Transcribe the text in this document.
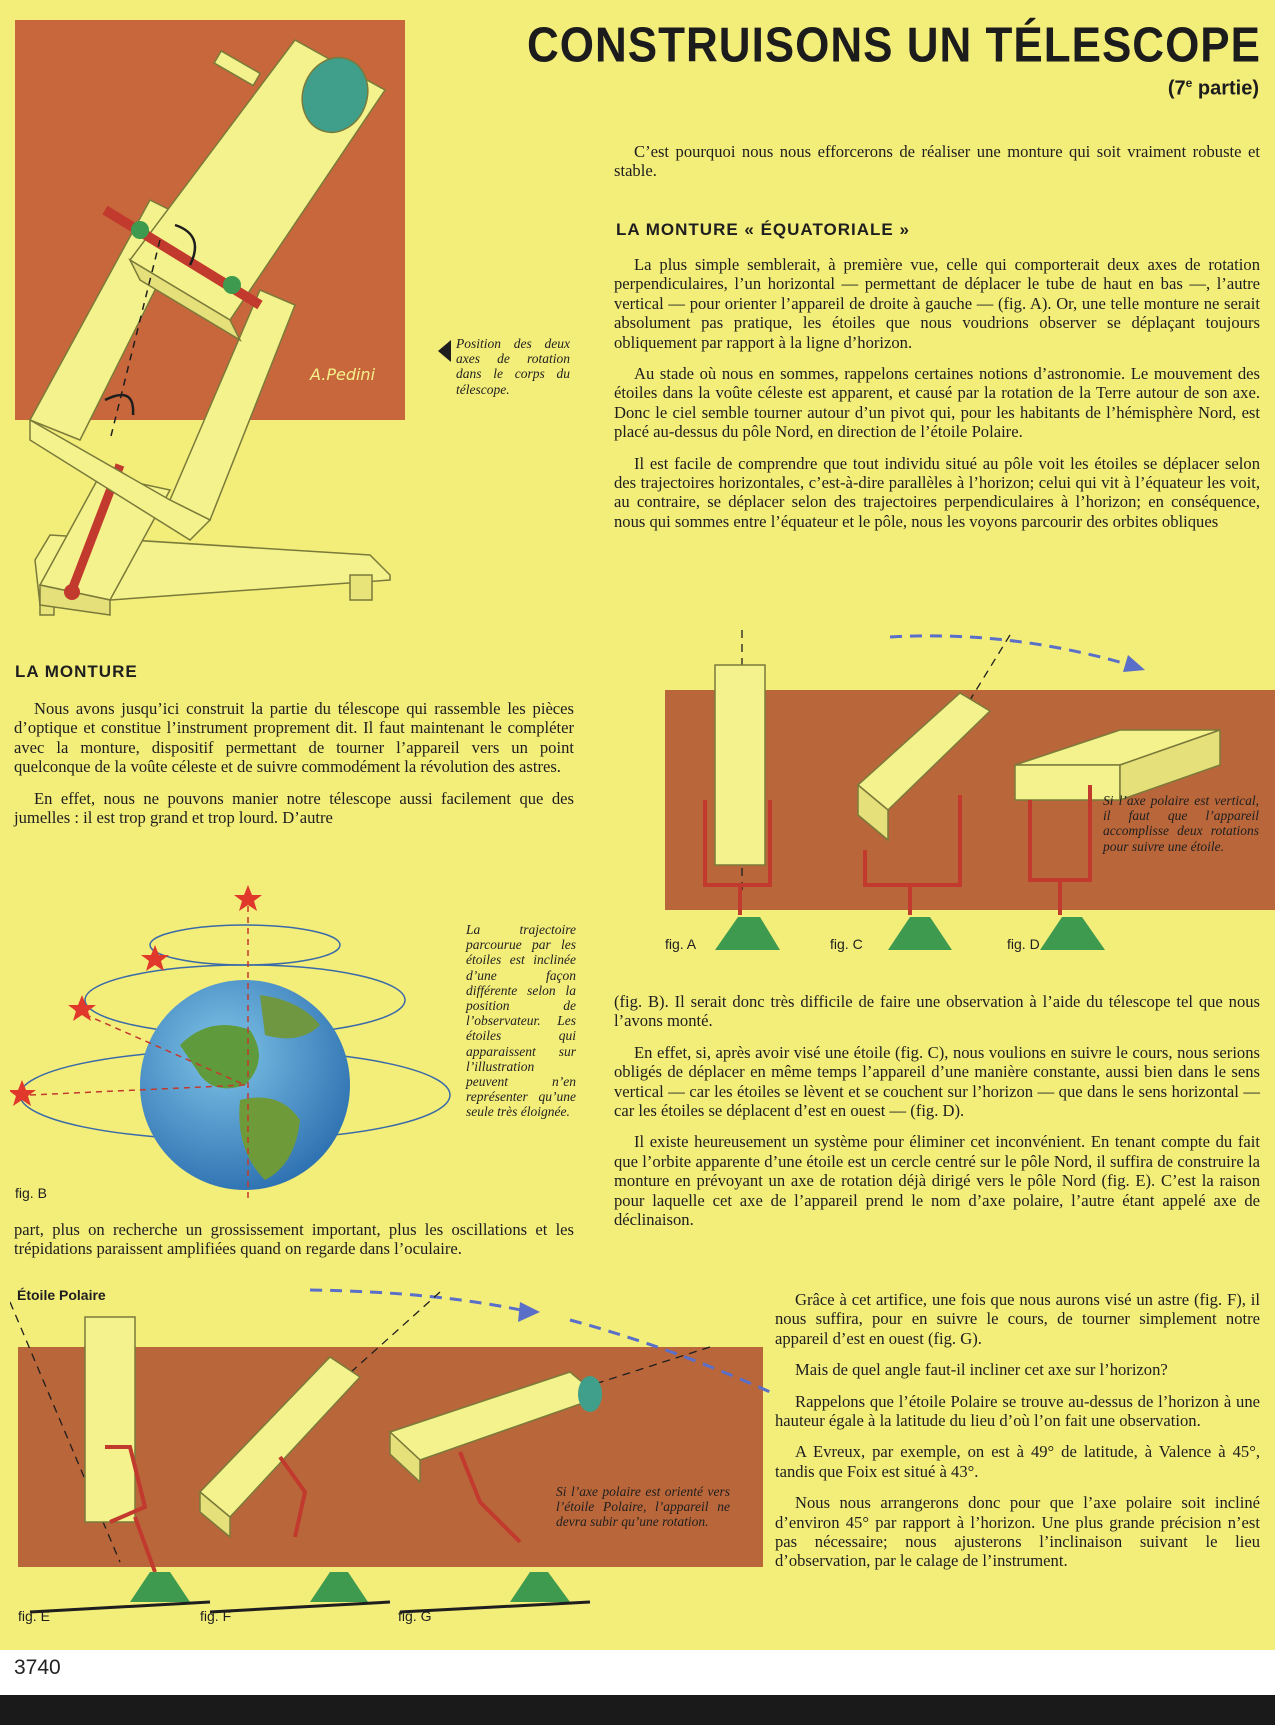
CONSTRUISONS UN TÉLESCOPE
(7e partie)
A.Pedini
Position des deux axes de rotation dans le corps du télescope.

C’est pourquoi nous nous efforcerons de réaliser une monture qui soit vraiment robuste et stable.

LA MONTURE « ÉQUATORIALE »

La plus simple semblerait, à première vue, celle qui comporterait deux axes de rotation perpendiculaires, l’un horizontal — permettant de déplacer le tube de haut en bas —, l’autre vertical — pour orienter l’appareil de droite à gauche — (fig. A). Or, une telle monture ne serait absolument pas pratique, les étoiles que nous voudrions observer se déplaçant toujours obliquement par rapport à la ligne d’horizon.

Au stade où nous en sommes, rappelons certaines notions d’astronomie. Le mouvement des étoiles dans la voûte céleste est apparent, et causé par la rotation de la Terre autour de son axe. Donc le ciel semble tourner autour d’un pivot qui, pour les habitants de l’hémisphère Nord, est placé au-dessus du pôle Nord, en direction de l’étoile Polaire.

Il est facile de comprendre que tout individu situé au pôle voit les étoiles se déplacer selon des trajectoires horizontales, c’est-à-dire parallèles à l’horizon; celui qui vit à l’équateur les voit, au contraire, se déplacer selon des trajectoires perpendiculaires à l’horizon; en conséquence, nous qui sommes entre l’équateur et le pôle, nous les voyons parcourir des orbites obliques

Si l’axe polaire est vertical, il faut que l’appareil accomplisse deux rotations pour suivre une étoile.
fig. A	fig. C	fig. D
LA MONTURE

Nous avons jusqu’ici construit la partie du télescope qui rassemble les pièces d’optique et constitue l’instrument proprement dit. Il faut maintenant le compléter avec la monture, dispositif permettant de tourner l’appareil vers un point quelconque de la voûte céleste et de suivre commodément la révolution des astres.

En effet, nous ne pouvons manier notre télescope aussi facilement que des jumelles : il est trop grand et trop lourd. D’autre

La trajectoire parcourue par les étoiles est inclinée d’une façon différente selon la position de l’observateur. Les étoiles qui apparaissent sur l’illustration peuvent n’en représenter qu’une seule très éloignée.
fig. B

part, plus on recherche un grossissement important, plus les oscillations et les trépidations paraissent amplifiées quand on regarde dans l’oculaire.

(fig. B). Il serait donc très difficile de faire une observation à l’aide du télescope tel que nous l’avons monté.

En effet, si, après avoir visé une étoile (fig. C), nous voulions en suivre le cours, nous serions obligés de déplacer en même temps l’appareil d’une manière constante, aussi bien dans le sens vertical — car les étoiles se lèvent et se couchent sur l’horizon — que dans le sens horizontal — car les étoiles se déplacent d’est en ouest — (fig. D).

Il existe heureusement un système pour éliminer cet inconvénient. En tenant compte du fait que l’orbite apparente d’une étoile est un cercle centré sur le pôle Nord, il suffira de construire la monture en prévoyant un axe de rotation déjà dirigé vers le pôle Nord (fig. E). C’est la raison pour laquelle cet axe de l’appareil prend le nom d’axe polaire, l’autre étant appelé axe de déclinaison.

Grâce à cet artifice, une fois que nous aurons visé un astre (fig. F), il nous suffira, pour en suivre le cours, de tourner simplement notre appareil d’est en ouest (fig. G).

Mais de quel angle faut-il incliner cet axe sur l’horizon?

Rappelons que l’étoile Polaire se trouve au-dessus de l’horizon à une hauteur égale à la latitude du lieu d’où l’on fait une observation.

A Evreux, par exemple, on est à 49° de latitude, à Valence à 45°, tandis que Foix est situé à 43°.

Nous nous arrangerons donc pour que l’axe polaire soit incliné d’environ 45° par rapport à l’horizon. Une plus grande précision n’est pas nécessaire; nous ajusterons l’inclinaison suivant le lieu d’observation, par le calage de l’instrument.

Étoile Polaire
Si l’axe polaire est orienté vers l’étoile Polaire, l’appareil ne devra subir qu’une rotation.
fig. E	fig. F	fig. G
3740
